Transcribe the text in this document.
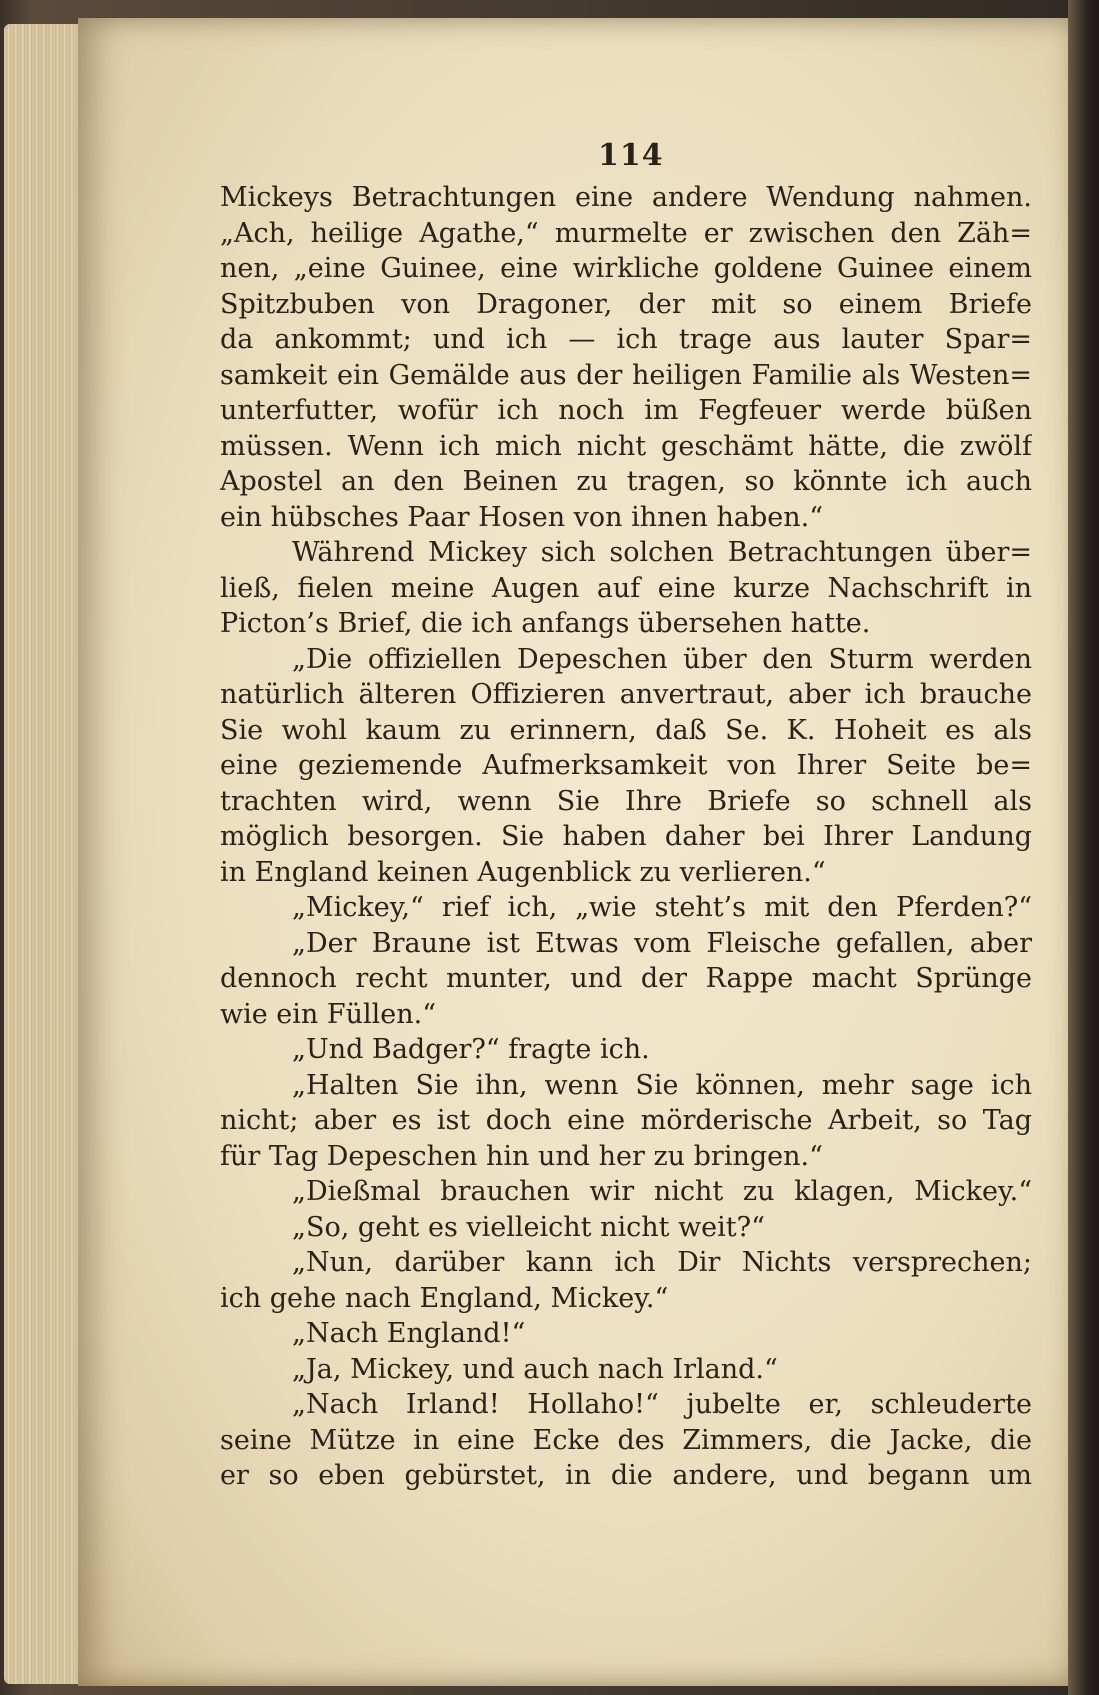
114
Mickeys Betrachtungen eine andere Wendung nahmen.
„Ach, heilige Agathe,“ murmelte er zwischen den Zäh=
nen, „eine Guinee, eine wirkliche goldene Guinee einem
Spitzbuben von Dragoner, der mit so einem Briefe
da ankommt; und ich — ich trage aus lauter Spar=
samkeit ein Gemälde aus der heiligen Familie als Westen=
unterfutter, wofür ich noch im Fegfeuer werde büßen
müssen. Wenn ich mich nicht geschämt hätte, die zwölf
Apostel an den Beinen zu tragen, so könnte ich auch
ein hübsches Paar Hosen von ihnen haben.“
Während Mickey sich solchen Betrachtungen über=
ließ, fielen meine Augen auf eine kurze Nachschrift in
Picton’s Brief, die ich anfangs übersehen hatte.
„Die offiziellen Depeschen über den Sturm werden
natürlich älteren Offizieren anvertraut, aber ich brauche
Sie wohl kaum zu erinnern, daß Se. K. Hoheit es als
eine geziemende Aufmerksamkeit von Ihrer Seite be=
trachten wird, wenn Sie Ihre Briefe so schnell als
möglich besorgen. Sie haben daher bei Ihrer Landung
in England keinen Augenblick zu verlieren.“
„Mickey,“ rief ich, „wie steht’s mit den Pferden?“
„Der Braune ist Etwas vom Fleische gefallen, aber
dennoch recht munter, und der Rappe macht Sprünge
wie ein Füllen.“
„Und Badger?“ fragte ich.
„Halten Sie ihn, wenn Sie können, mehr sage ich
nicht; aber es ist doch eine mörderische Arbeit, so Tag
für Tag Depeschen hin und her zu bringen.“
„Dießmal brauchen wir nicht zu klagen, Mickey.“
„So, geht es vielleicht nicht weit?“
„Nun, darüber kann ich Dir Nichts versprechen;
ich gehe nach England, Mickey.“
„Nach England!“
„Ja, Mickey, und auch nach Irland.“
„Nach Irland! Hollaho!“ jubelte er, schleuderte
seine Mütze in eine Ecke des Zimmers, die Jacke, die
er so eben gebürstet, in die andere, und begann um
